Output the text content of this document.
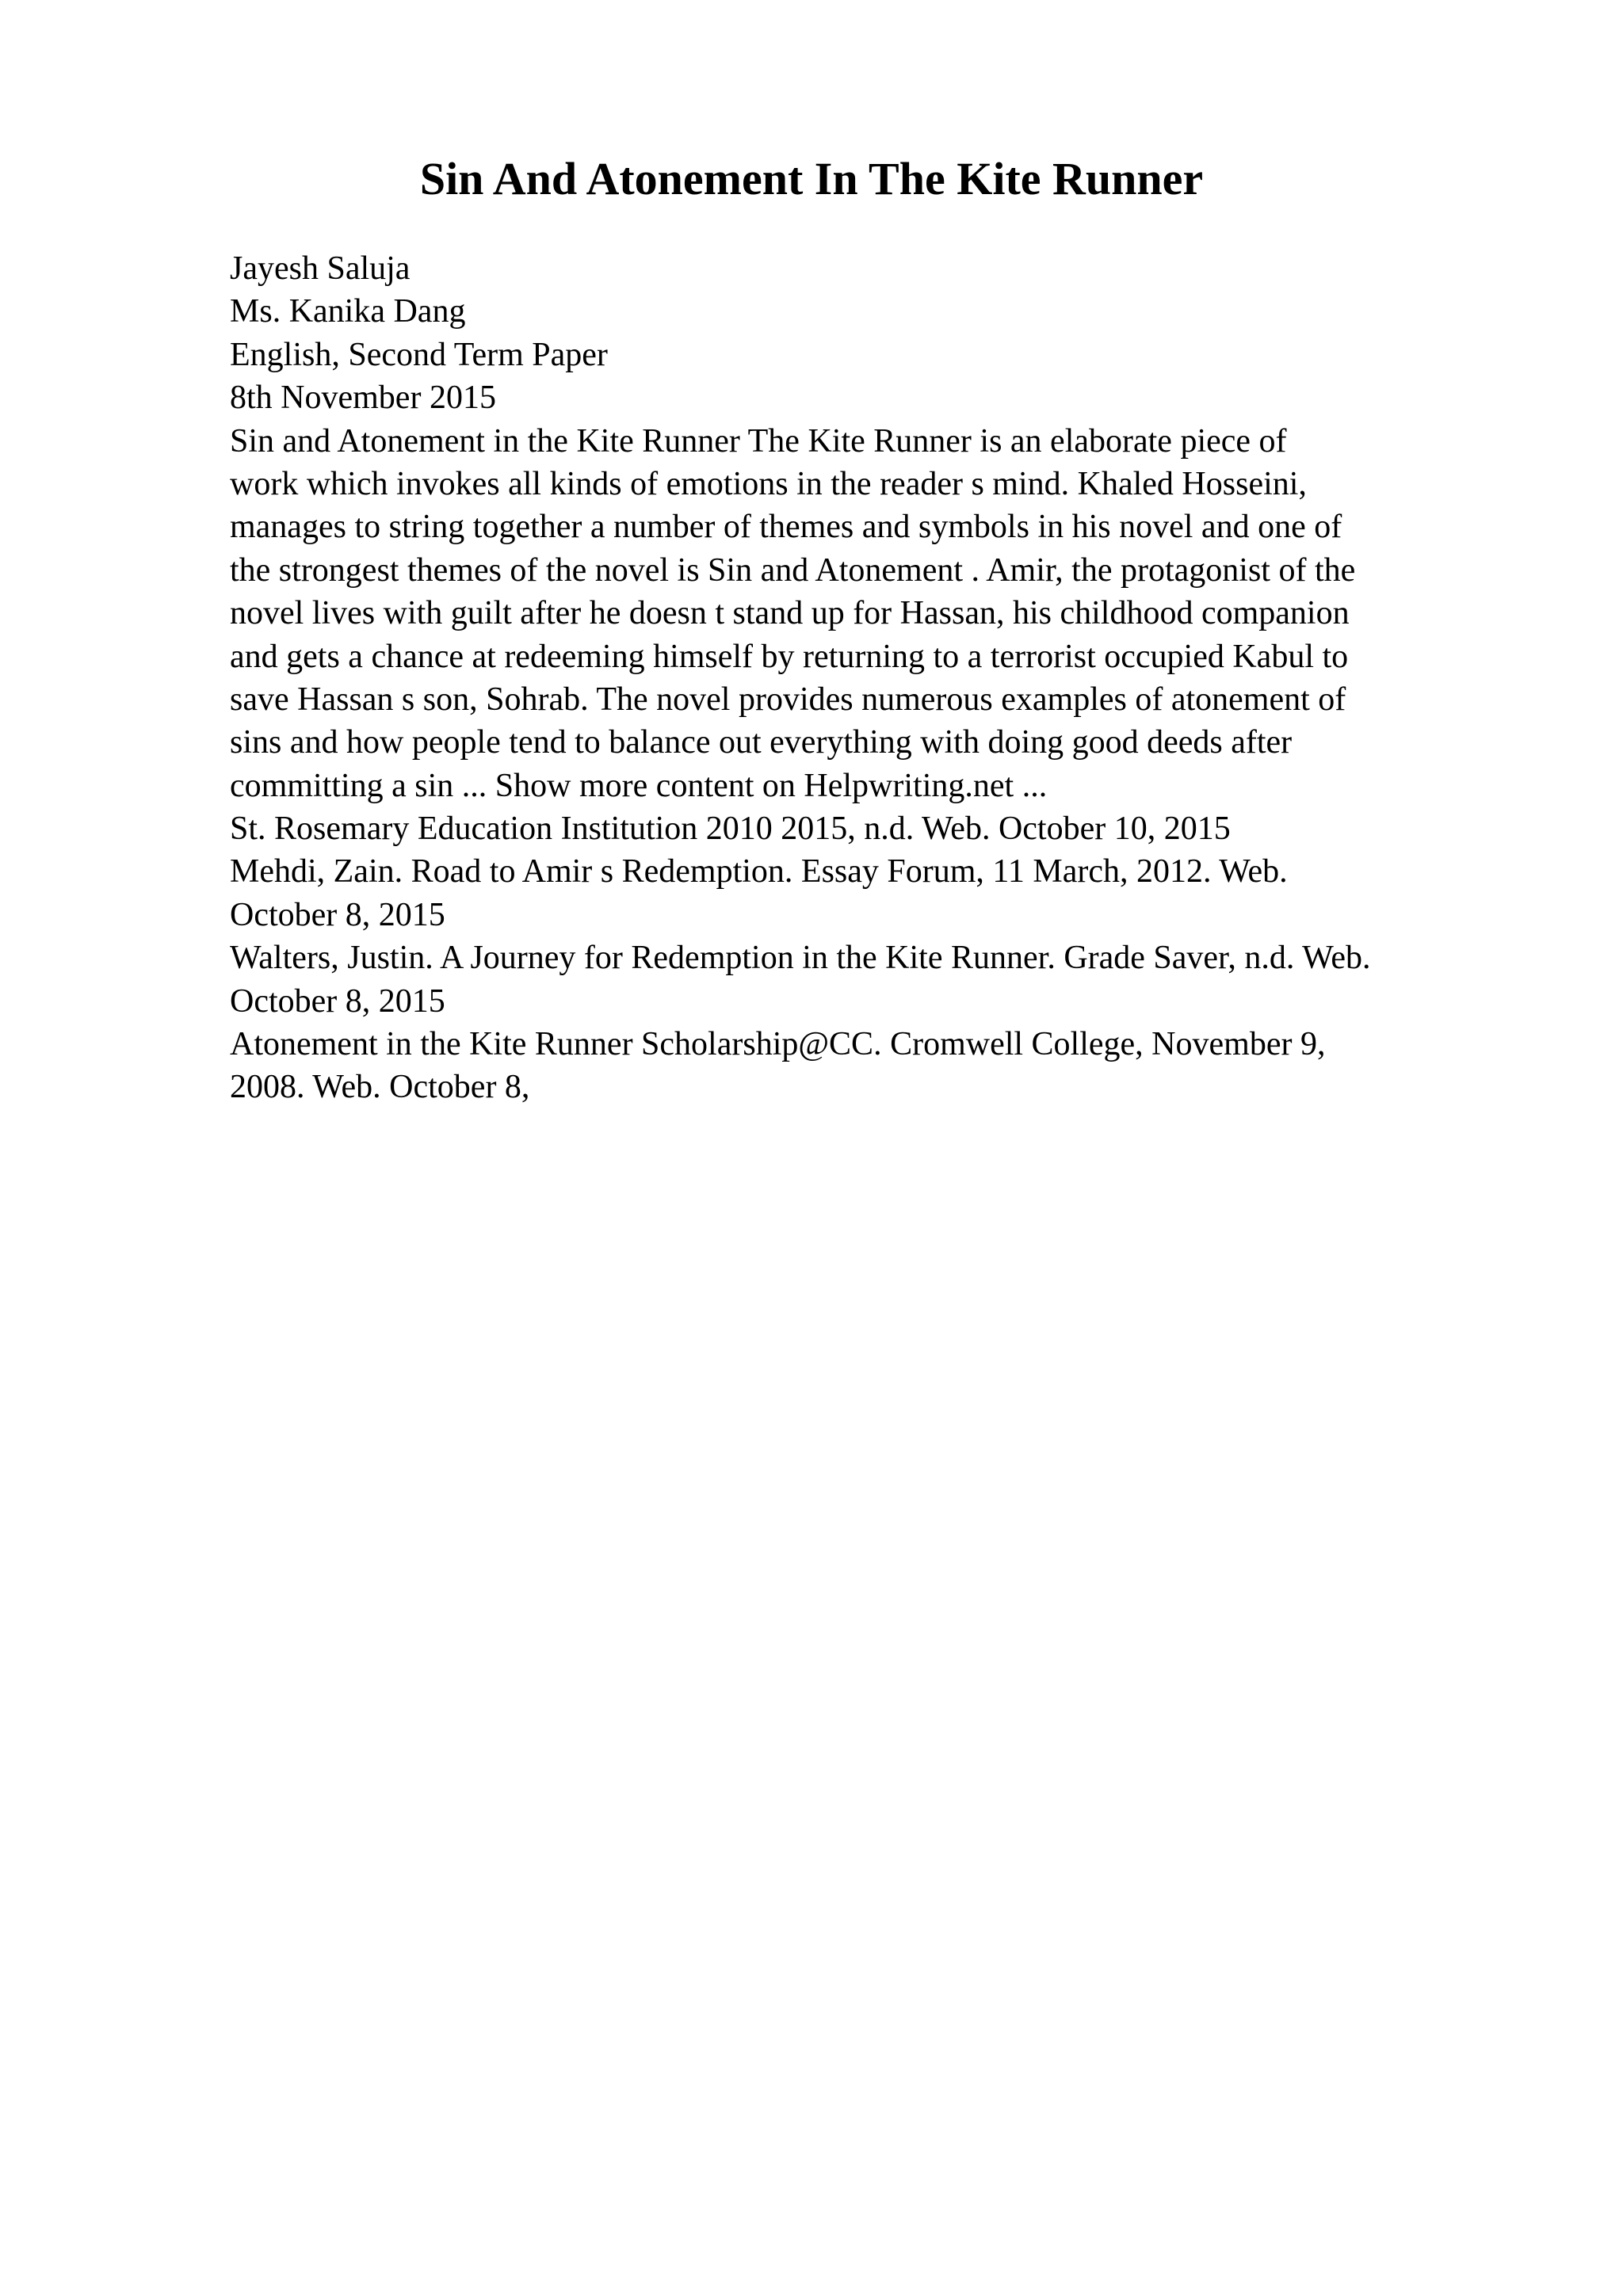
Sin And Atonement In The Kite Runner
Jayesh Saluja
Ms. Kanika Dang
English, Second Term Paper
8th November 2015
Sin and Atonement in the Kite Runner The Kite Runner is an elaborate piece of
work which invokes all kinds of emotions in the reader s mind. Khaled Hosseini,
manages to string together a number of themes and symbols in his novel and one of
the strongest themes of the novel is Sin and Atonement . Amir, the protagonist of the
novel lives with guilt after he doesn t stand up for Hassan, his childhood companion
and gets a chance at redeeming himself by returning to a terrorist occupied Kabul to
save Hassan s son, Sohrab. The novel provides numerous examples of atonement of
sins and how people tend to balance out everything with doing good deeds after
committing a sin ... Show more content on Helpwriting.net ...
St. Rosemary Education Institution 2010 2015, n.d. Web. October 10, 2015
Mehdi, Zain. Road to Amir s Redemption. Essay Forum, 11 March, 2012. Web.
October 8, 2015
Walters, Justin. A Journey for Redemption in the Kite Runner. Grade Saver, n.d. Web.
October 8, 2015
Atonement in the Kite Runner Scholarship@CC. Cromwell College, November 9,
2008. Web. October 8,
